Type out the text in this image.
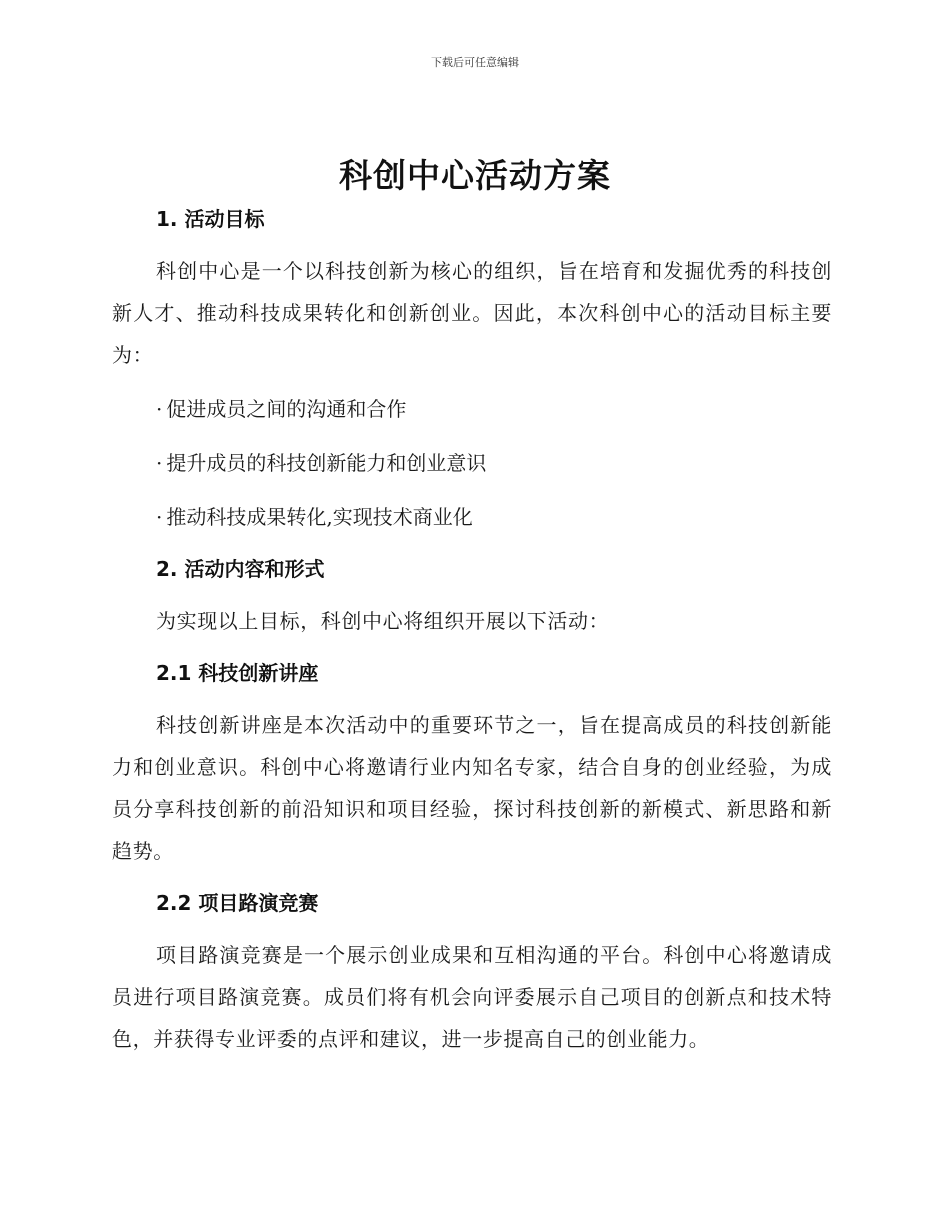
下载后可任意编辑
科创中心活动方案
1. 活动目标

科创中心是一个以科技创新为核心的组织，旨在培育和发掘优秀的科技创新人才、推动科技成果转化和创新创业。因此，本次科创中心的活动目标主要为：

· 促进成员之间的沟通和合作

· 提升成员的科技创新能力和创业意识

· 推动科技成果转化,实现技术商业化

2. 活动内容和形式

为实现以上目标，科创中心将组织开展以下活动：

2.1 科技创新讲座

科技创新讲座是本次活动中的重要环节之一，旨在提高成员的科技创新能力和创业意识。科创中心将邀请行业内知名专家，结合自身的创业经验，为成员分享科技创新的前沿知识和项目经验，探讨科技创新的新模式、新思路和新趋势。

2.2 项目路演竞赛

项目路演竞赛是一个展示创业成果和互相沟通的平台。科创中心将邀请成员进行项目路演竞赛。成员们将有机会向评委展示自己项目的创新点和技术特色，并获得专业评委的点评和建议，进一步提高自己的创业能力。
